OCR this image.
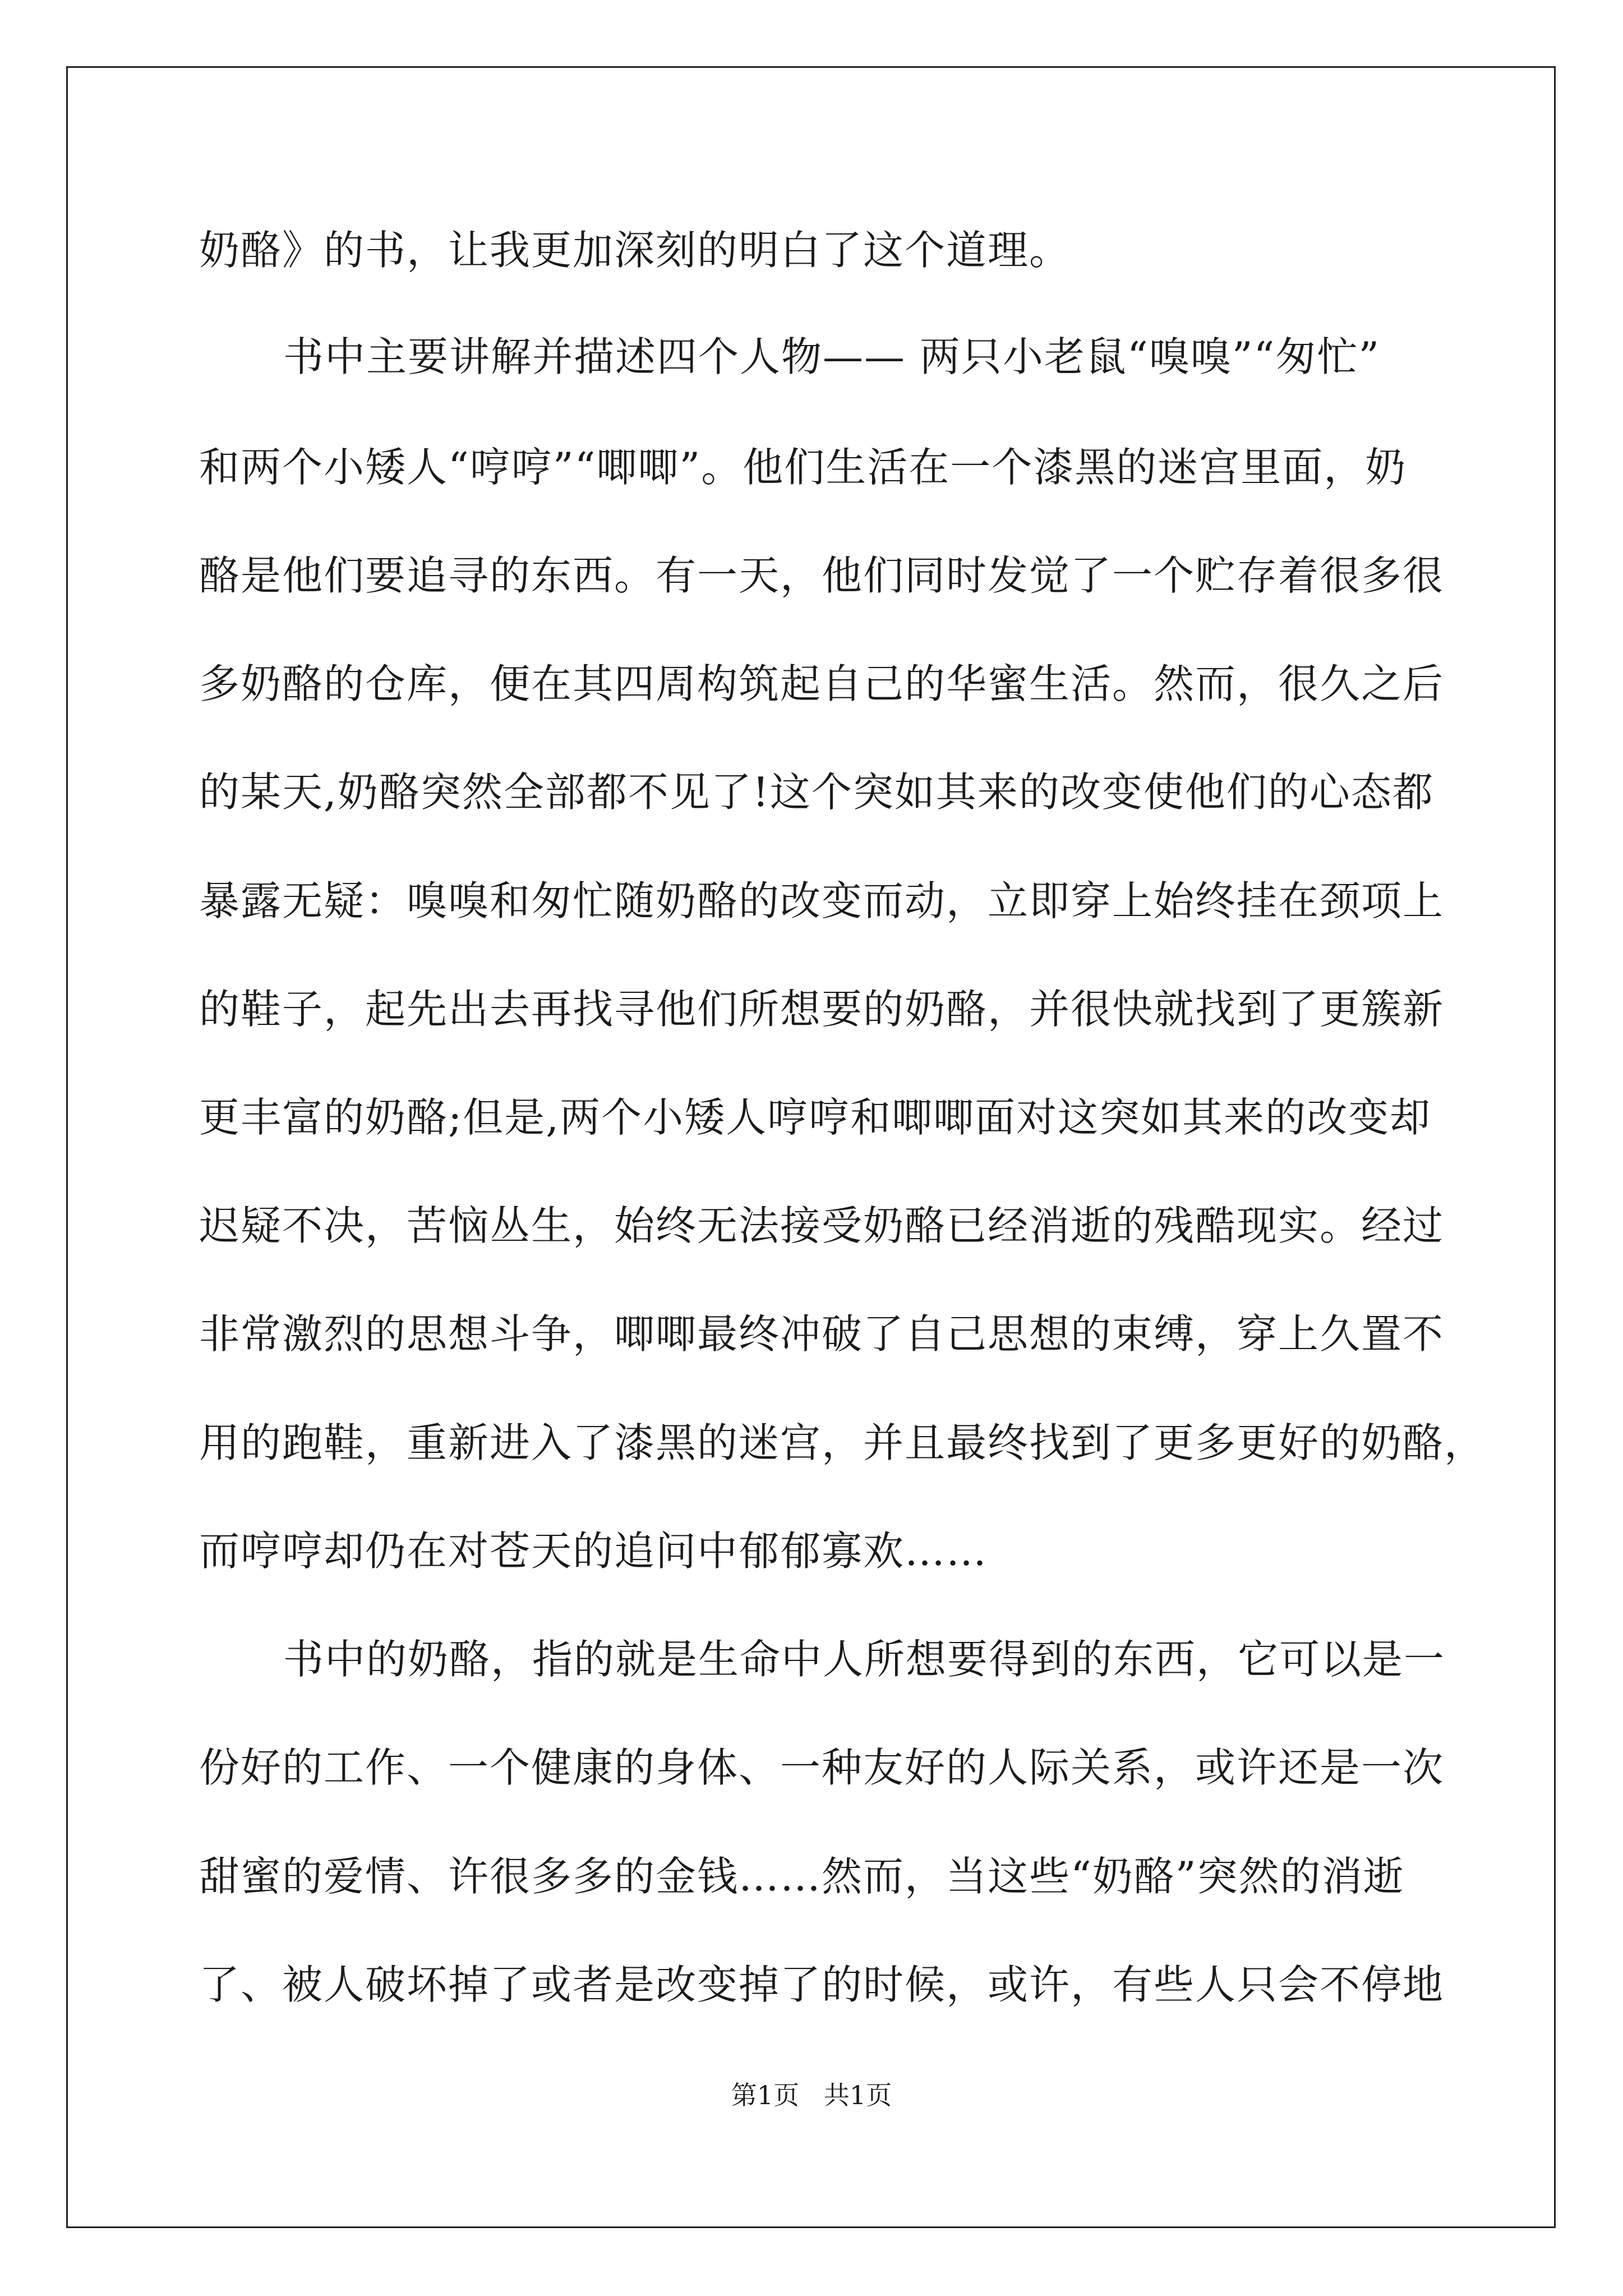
奶酪》的书，让我更加深刻的明白了这个道理。
书中主要讲解并描述四个人物—— 两只小老鼠“嗅嗅”“匆忙”
和两个小矮人“哼哼”“唧唧”。他们生活在一个漆黑的迷宫里面，奶
酪是他们要追寻的东西。有一天，他们同时发觉了一个贮存着很多很
多奶酪的仓库，便在其四周构筑起自己的华蜜生活。然而，很久之后
的某天,奶酪突然全部都不见了!这个突如其来的改变使他们的心态都
暴露无疑：嗅嗅和匆忙随奶酪的改变而动，立即穿上始终挂在颈项上
的鞋子，起先出去再找寻他们所想要的奶酪，并很快就找到了更簇新
更丰富的奶酪;但是,两个小矮人哼哼和唧唧面对这突如其来的改变却
迟疑不决，苦恼丛生，始终无法接受奶酪已经消逝的残酷现实。经过
非常激烈的思想斗争，唧唧最终冲破了自己思想的束缚，穿上久置不
用的跑鞋，重新进入了漆黑的迷宫，并且最终找到了更多更好的奶酪，
而哼哼却仍在对苍天的追问中郁郁寡欢……
书中的奶酪，指的就是生命中人所想要得到的东西，它可以是一
份好的工作、一个健康的身体、一种友好的人际关系，或许还是一次
甜蜜的爱情、许很多多的金钱……然而，当这些“奶酪”突然的消逝
了、被人破坏掉了或者是改变掉了的时候，或许，有些人只会不停地
第1页   共1页
